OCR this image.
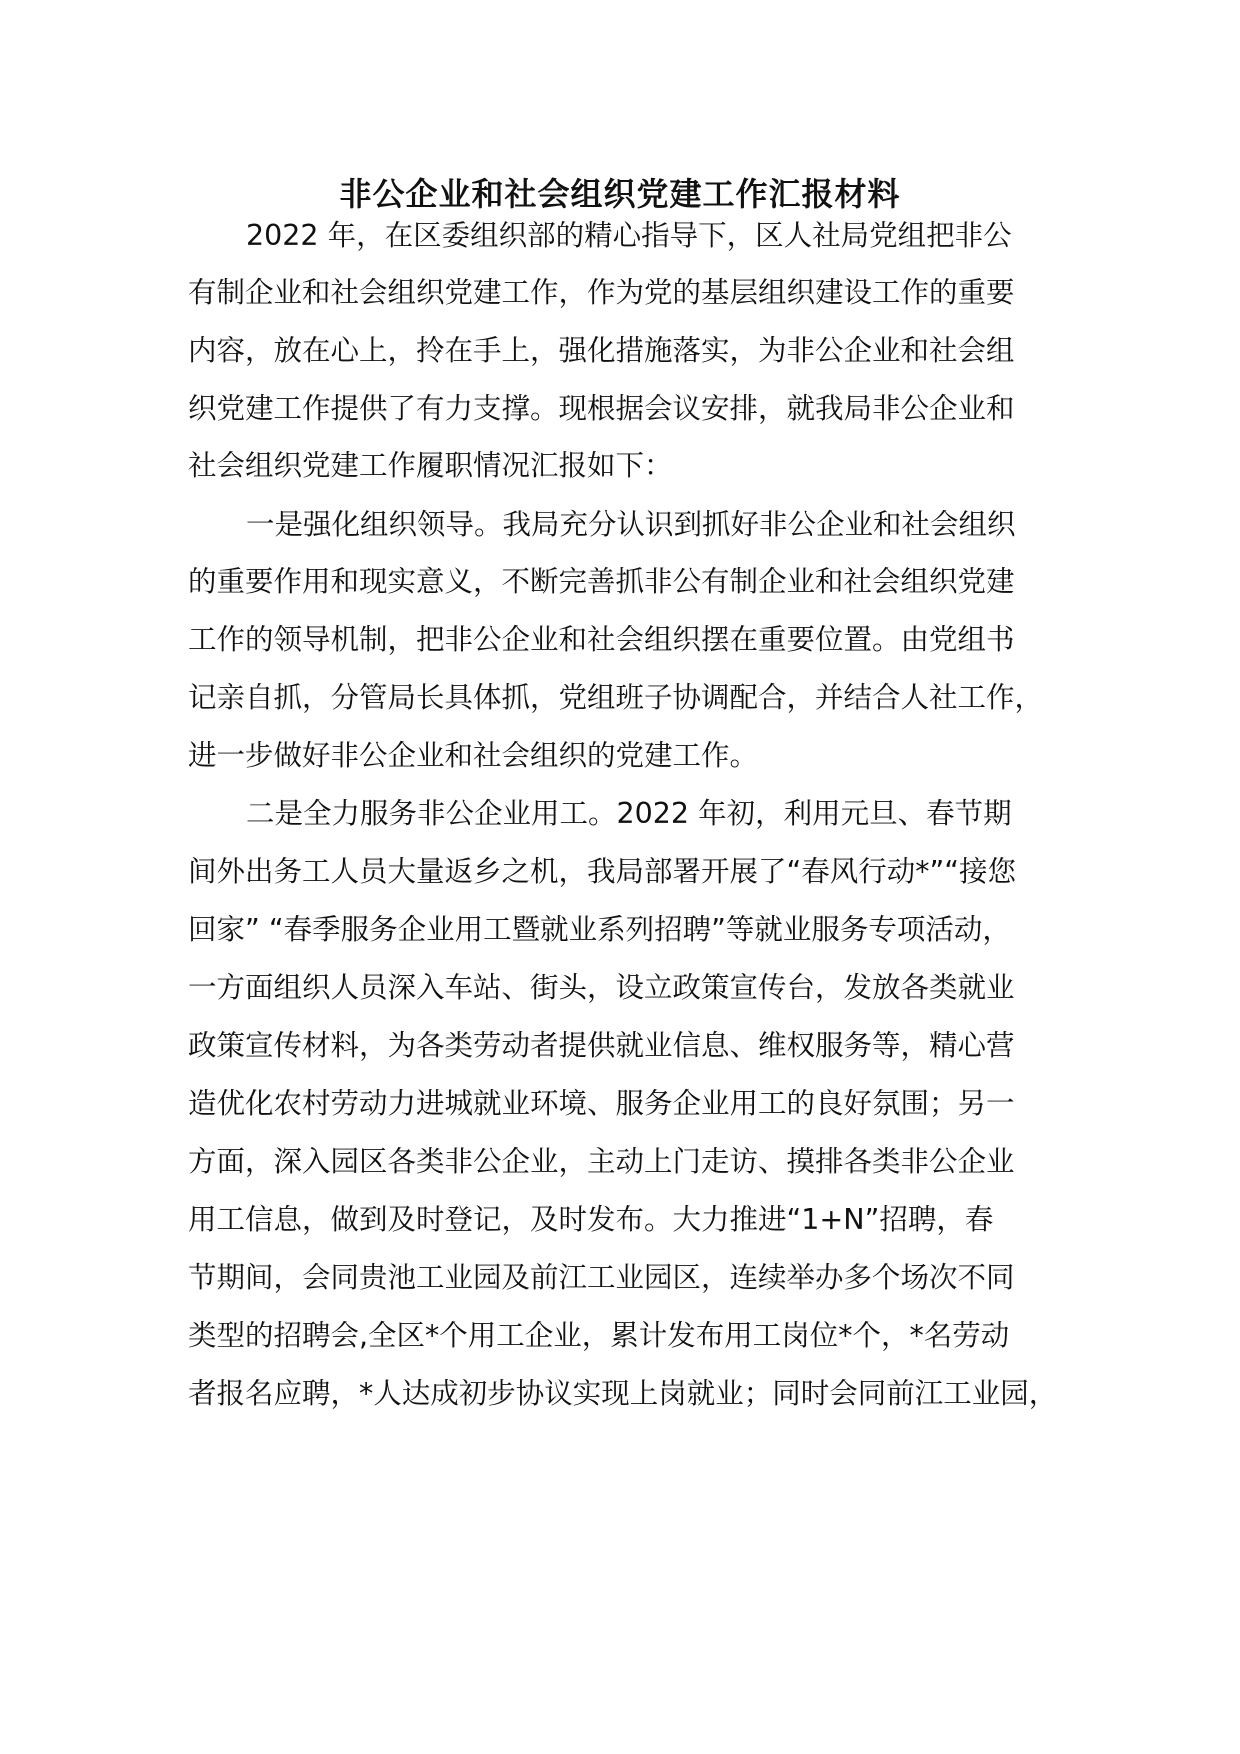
非公企业和社会组织党建工作汇报材料

2022 年，在区委组织部的精心指导下，区人社局党组把非公

有制企业和社会组织党建工作，作为党的基层组织建设工作的重要

内容，放在心上，拎在手上，强化措施落实，为非公企业和社会组

织党建工作提供了有力支撑。现根据会议安排，就我局非公企业和

社会组织党建工作履职情况汇报如下：

一是强化组织领导。我局充分认识到抓好非公企业和社会组织

的重要作用和现实意义，不断完善抓非公有制企业和社会组织党建

工作的领导机制，把非公企业和社会组织摆在重要位置。由党组书

记亲自抓，分管局长具体抓，党组班子协调配合，并结合人社工作，

进一步做好非公企业和社会组织的党建工作。

二是全力服务非公企业用工。2022 年初，利用元旦、春节期

间外出务工人员大量返乡之机，我局部署开展了“春风行动*”“接您

回家” “春季服务企业用工暨就业系列招聘”等就业服务专项活动，

一方面组织人员深入车站、街头，设立政策宣传台，发放各类就业

政策宣传材料，为各类劳动者提供就业信息、维权服务等，精心营

造优化农村劳动力进城就业环境、服务企业用工的良好氛围；另一

方面，深入园区各类非公企业，主动上门走访、摸排各类非公企业

用工信息，做到及时登记，及时发布。大力推进“1+N”招聘，春

节期间，会同贵池工业园及前江工业园区，连续举办多个场次不同

类型的招聘会,全区*个用工企业，累计发布用工岗位*个，*名劳动

者报名应聘，*人达成初步协议实现上岗就业；同时会同前江工业园，
